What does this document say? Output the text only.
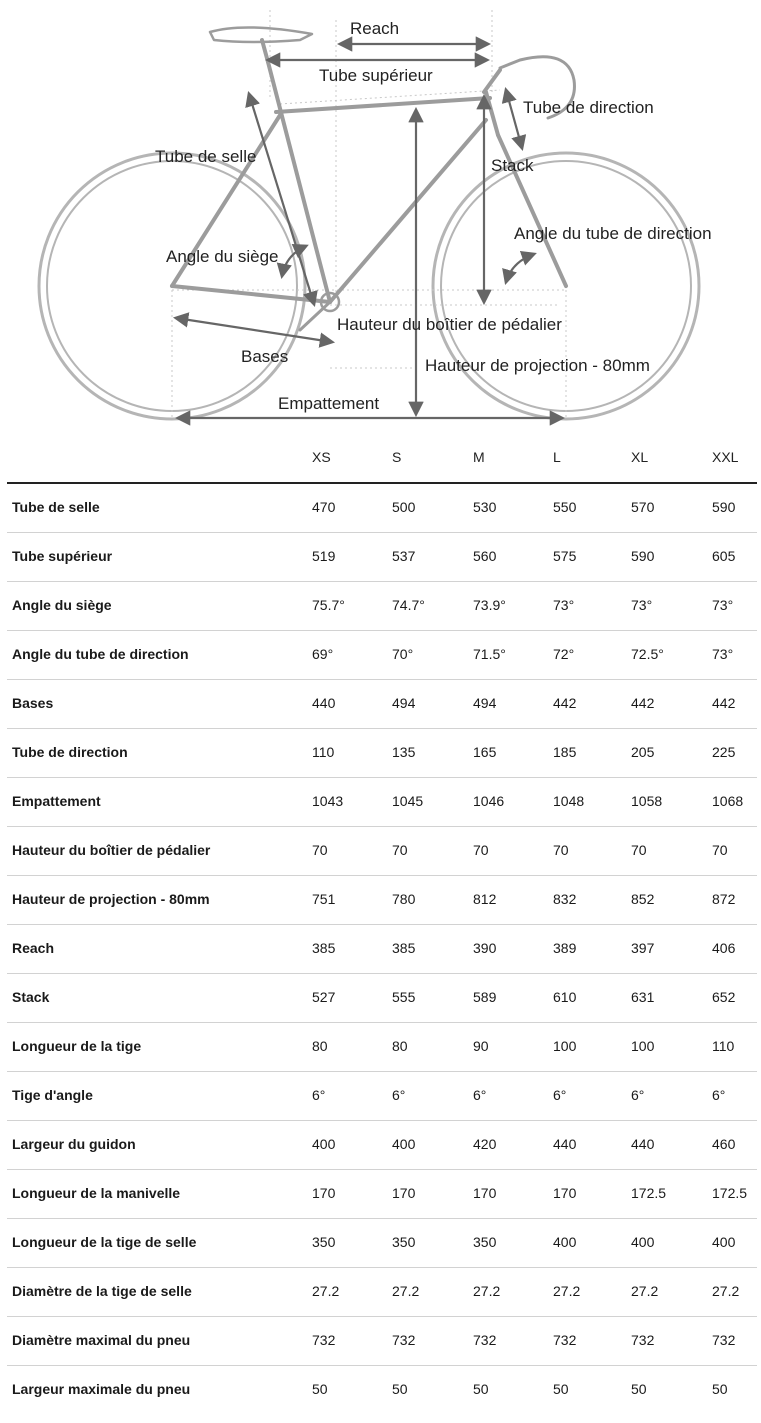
Reach
Tube supérieur
Tube de direction
Tube de selle	Stack
Angle du tube de direction
Angle du siège
Hauteur du boîtier de pédalier
Bases	Hauteur de projection - 80mm
Empattement
XS	S	M	L	XL	XXL
Tube de selle	470	500	530	550	570	590
Tube supérieur	519	537	560	575	590	605
Angle du siège	75.7°	74.7°	73.9°	73°	73°	73°
Angle du tube de direction	69°	70°	71.5°	72°	72.5°	73°
Bases	440	494	494	442	442	442
Tube de direction	110	135	165	185	205	225
Empattement	1043	1045	1046	1048	1058	1068
Hauteur du boîtier de pédalier	70	70	70	70	70	70
Hauteur de projection - 80mm	751	780	812	832	852	872
Reach	385	385	390	389	397	406
Stack	527	555	589	610	631	652
Longueur de la tige	80	80	90	100	100	110
Tige d'angle	6°	6°	6°	6°	6°	6°
Largeur du guidon	400	400	420	440	440	460
Longueur de la manivelle	170	170	170	170	172.5	172.5
Longueur de la tige de selle	350	350	350	400	400	400
Diamètre de la tige de selle	27.2	27.2	27.2	27.2	27.2	27.2
Diamètre maximal du pneu	732	732	732	732	732	732
Largeur maximale du pneu	50	50	50	50	50	50
